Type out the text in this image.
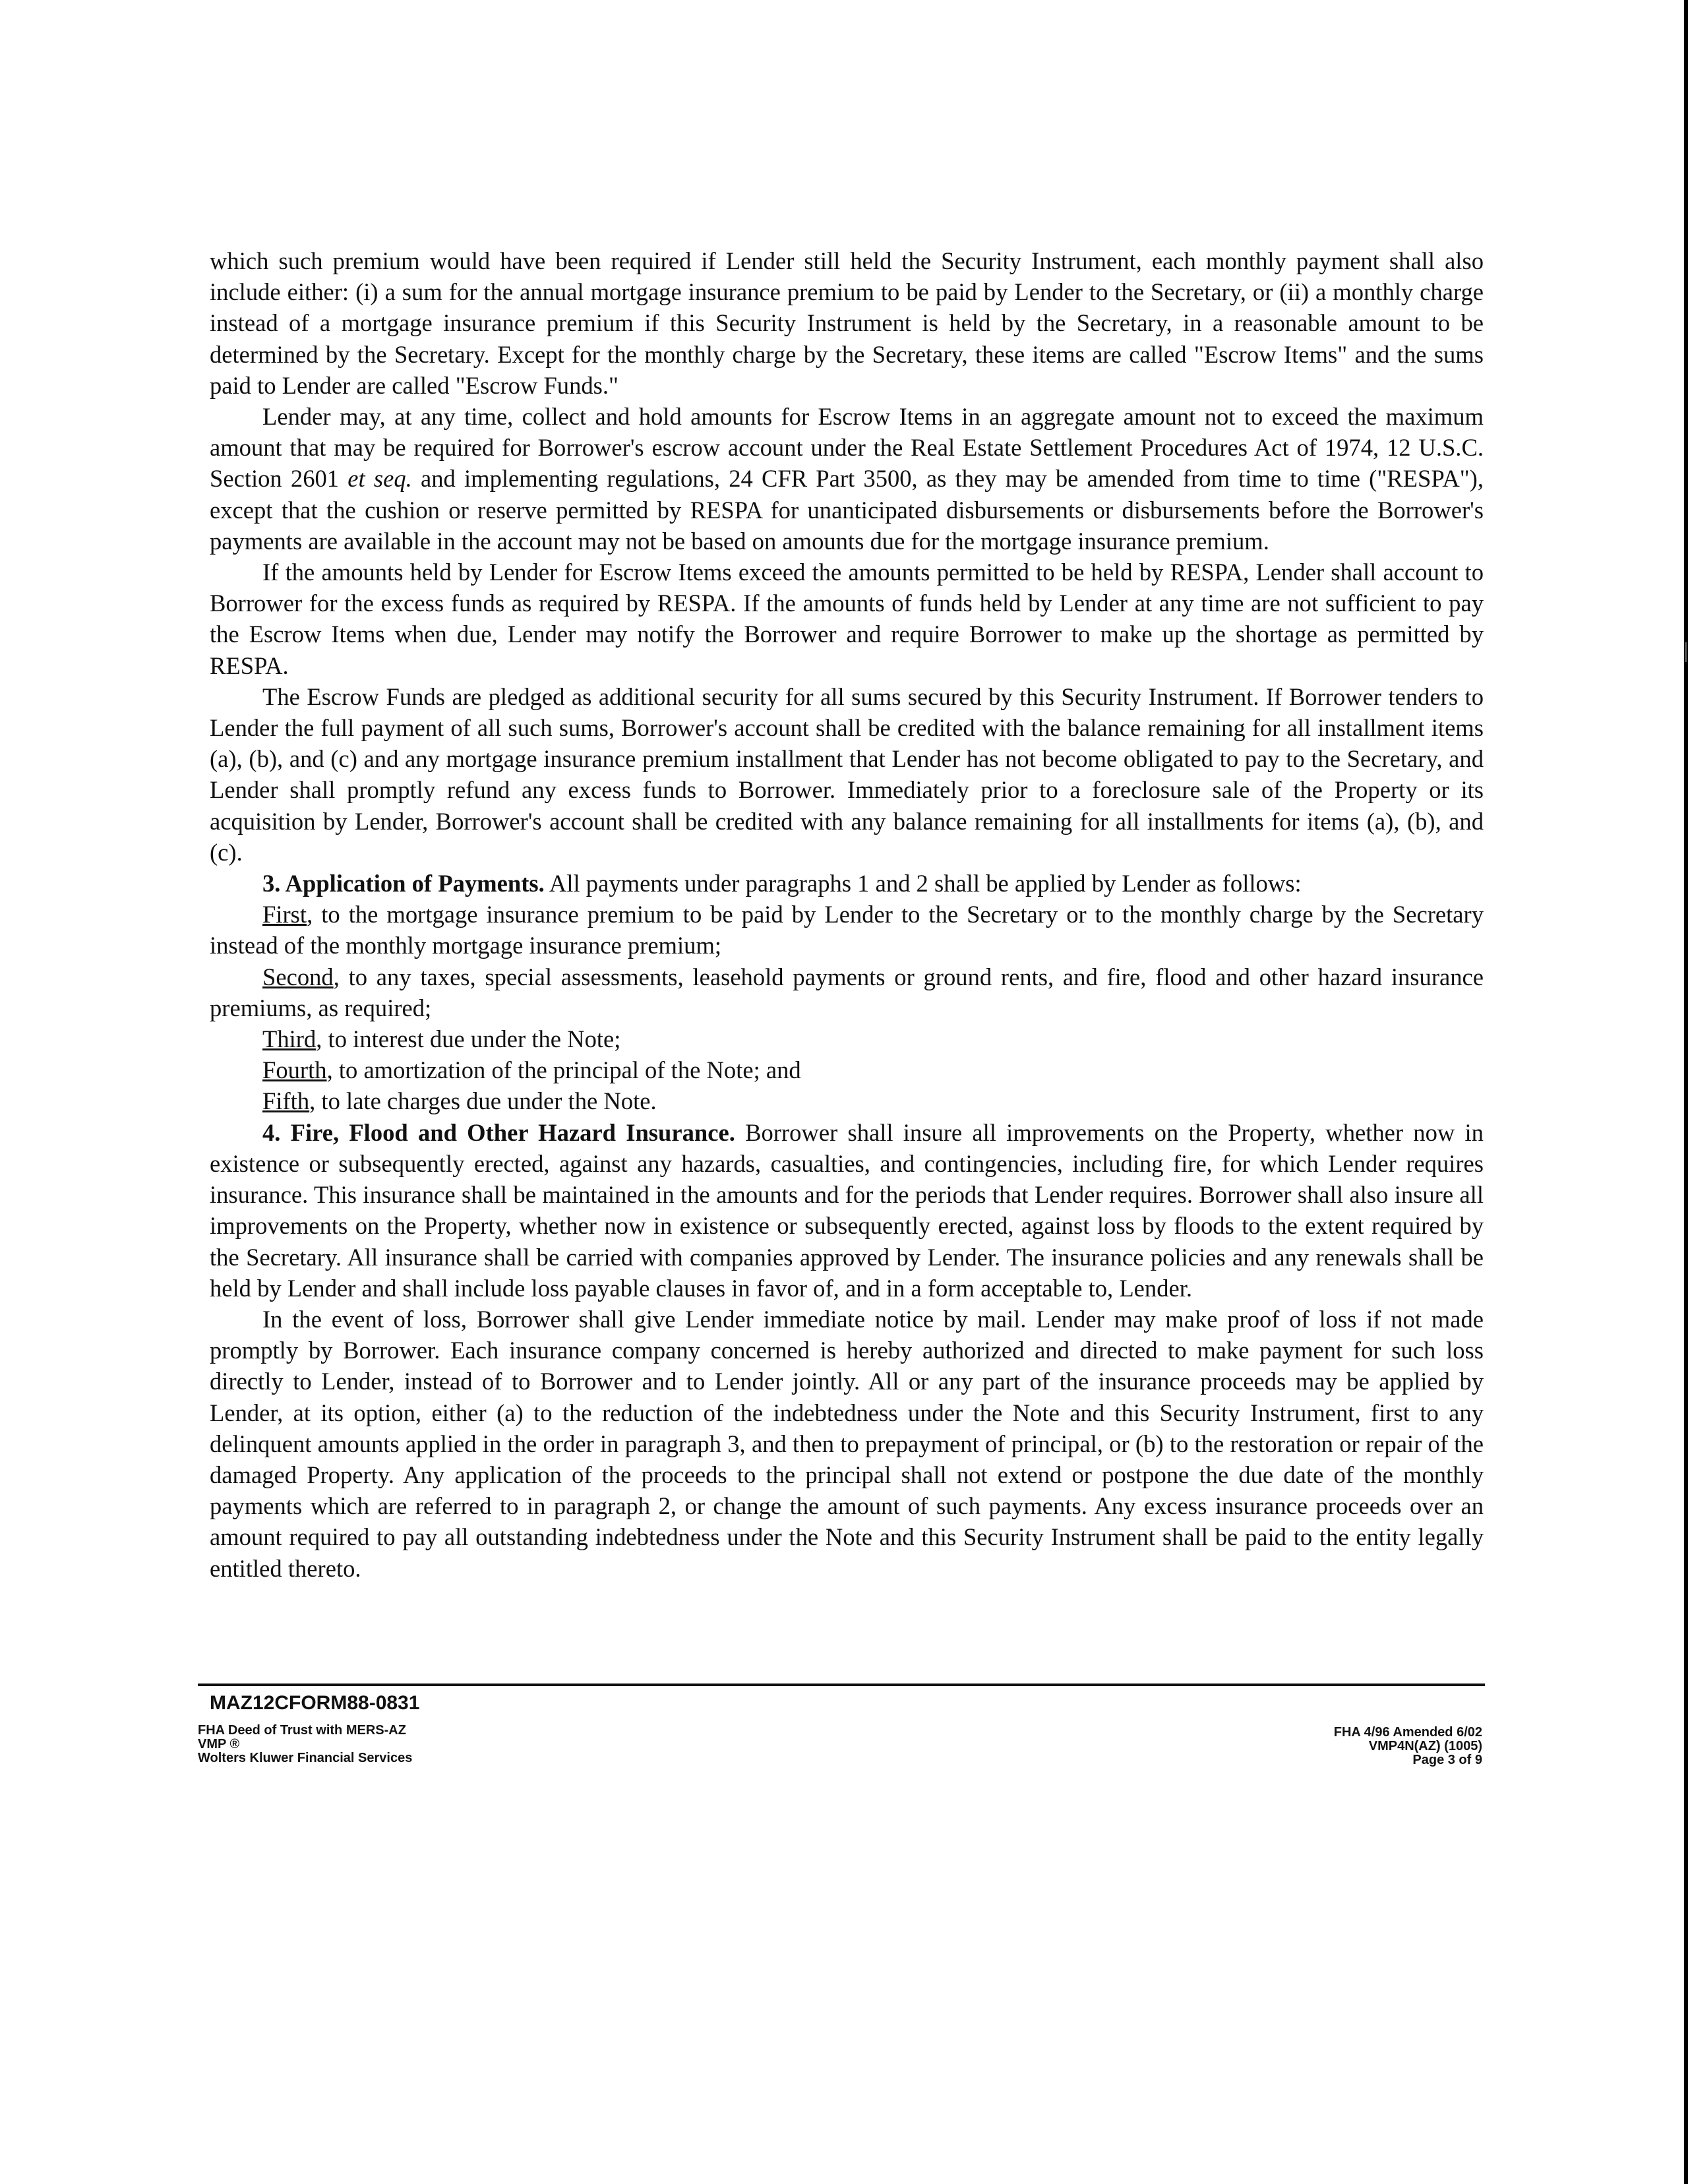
which such premium would have been required if Lender still held the Security Instrument, each monthly payment shall also include either: (i) a sum for the annual mortgage insurance premium to be paid by Lender to the Secretary, or (ii) a monthly charge instead of a mortgage insurance premium if this Security Instrument is held by the Secretary, in a reasonable amount to be determined by the Secretary. Except for the monthly charge by the Secretary, these items are called "Escrow Items" and the sums paid to Lender are called "Escrow Funds."

Lender may, at any time, collect and hold amounts for Escrow Items in an aggregate amount not to exceed the maximum amount that may be required for Borrower's escrow account under the Real Estate Settlement Procedures Act of 1974, 12 U.S.C. Section 2601 et seq. and implementing regulations, 24 CFR Part 3500, as they may be amended from time to time ("RESPA"), except that the cushion or reserve permitted by RESPA for unanticipated disbursements or disbursements before the Borrower's payments are available in the account may not be based on amounts due for the mortgage insurance premium.

If the amounts held by Lender for Escrow Items exceed the amounts permitted to be held by RESPA, Lender shall account to Borrower for the excess funds as required by RESPA. If the amounts of funds held by Lender at any time are not sufficient to pay the Escrow Items when due, Lender may notify the Borrower and require Borrower to make up the shortage as permitted by RESPA.

The Escrow Funds are pledged as additional security for all sums secured by this Security Instrument. If Borrower tenders to Lender the full payment of all such sums, Borrower's account shall be credited with the balance remaining for all installment items (a), (b), and (c) and any mortgage insurance premium installment that Lender has not become obligated to pay to the Secretary, and Lender shall promptly refund any excess funds to Borrower. Immediately prior to a foreclosure sale of the Property or its acquisition by Lender, Borrower's account shall be credited with any balance remaining for all installments for items (a), (b), and (c).

3. Application of Payments. All payments under paragraphs 1 and 2 shall be applied by Lender as follows:

First, to the mortgage insurance premium to be paid by Lender to the Secretary or to the monthly charge by the Secretary instead of the monthly mortgage insurance premium;

Second, to any taxes, special assessments, leasehold payments or ground rents, and fire, flood and other hazard insurance premiums, as required;

Third, to interest due under the Note;

Fourth, to amortization of the principal of the Note; and

Fifth, to late charges due under the Note.

4. Fire, Flood and Other Hazard Insurance. Borrower shall insure all improvements on the Property, whether now in existence or subsequently erected, against any hazards, casualties, and contingencies, including fire, for which Lender requires insurance. This insurance shall be maintained in the amounts and for the periods that Lender requires. Borrower shall also insure all improvements on the Property, whether now in existence or subsequently erected, against loss by floods to the extent required by the Secretary. All insurance shall be carried with companies approved by Lender. The insurance policies and any renewals shall be held by Lender and shall include loss payable clauses in favor of, and in a form acceptable to, Lender.

In the event of loss, Borrower shall give Lender immediate notice by mail. Lender may make proof of loss if not made promptly by Borrower. Each insurance company concerned is hereby authorized and directed to make payment for such loss directly to Lender, instead of to Borrower and to Lender jointly. All or any part of the insurance proceeds may be applied by Lender, at its option, either (a) to the reduction of the indebtedness under the Note and this Security Instrument, first to any delinquent amounts applied in the order in paragraph 3, and then to prepayment of principal, or (b) to the restoration or repair of the damaged Property. Any application of the proceeds to the principal shall not extend or postpone the due date of the monthly payments which are referred to in paragraph 2, or change the amount of such payments. Any excess insurance proceeds over an amount required to pay all outstanding indebtedness under the Note and this Security Instrument shall be paid to the entity legally entitled thereto.

MAZ12CFORM88-0831
FHA Deed of Trust with MERS-AZ
VMP ®
Wolters Kluwer Financial Services
FHA 4/96 Amended 6/02
VMP4N(AZ) (1005)
Page 3 of 9
